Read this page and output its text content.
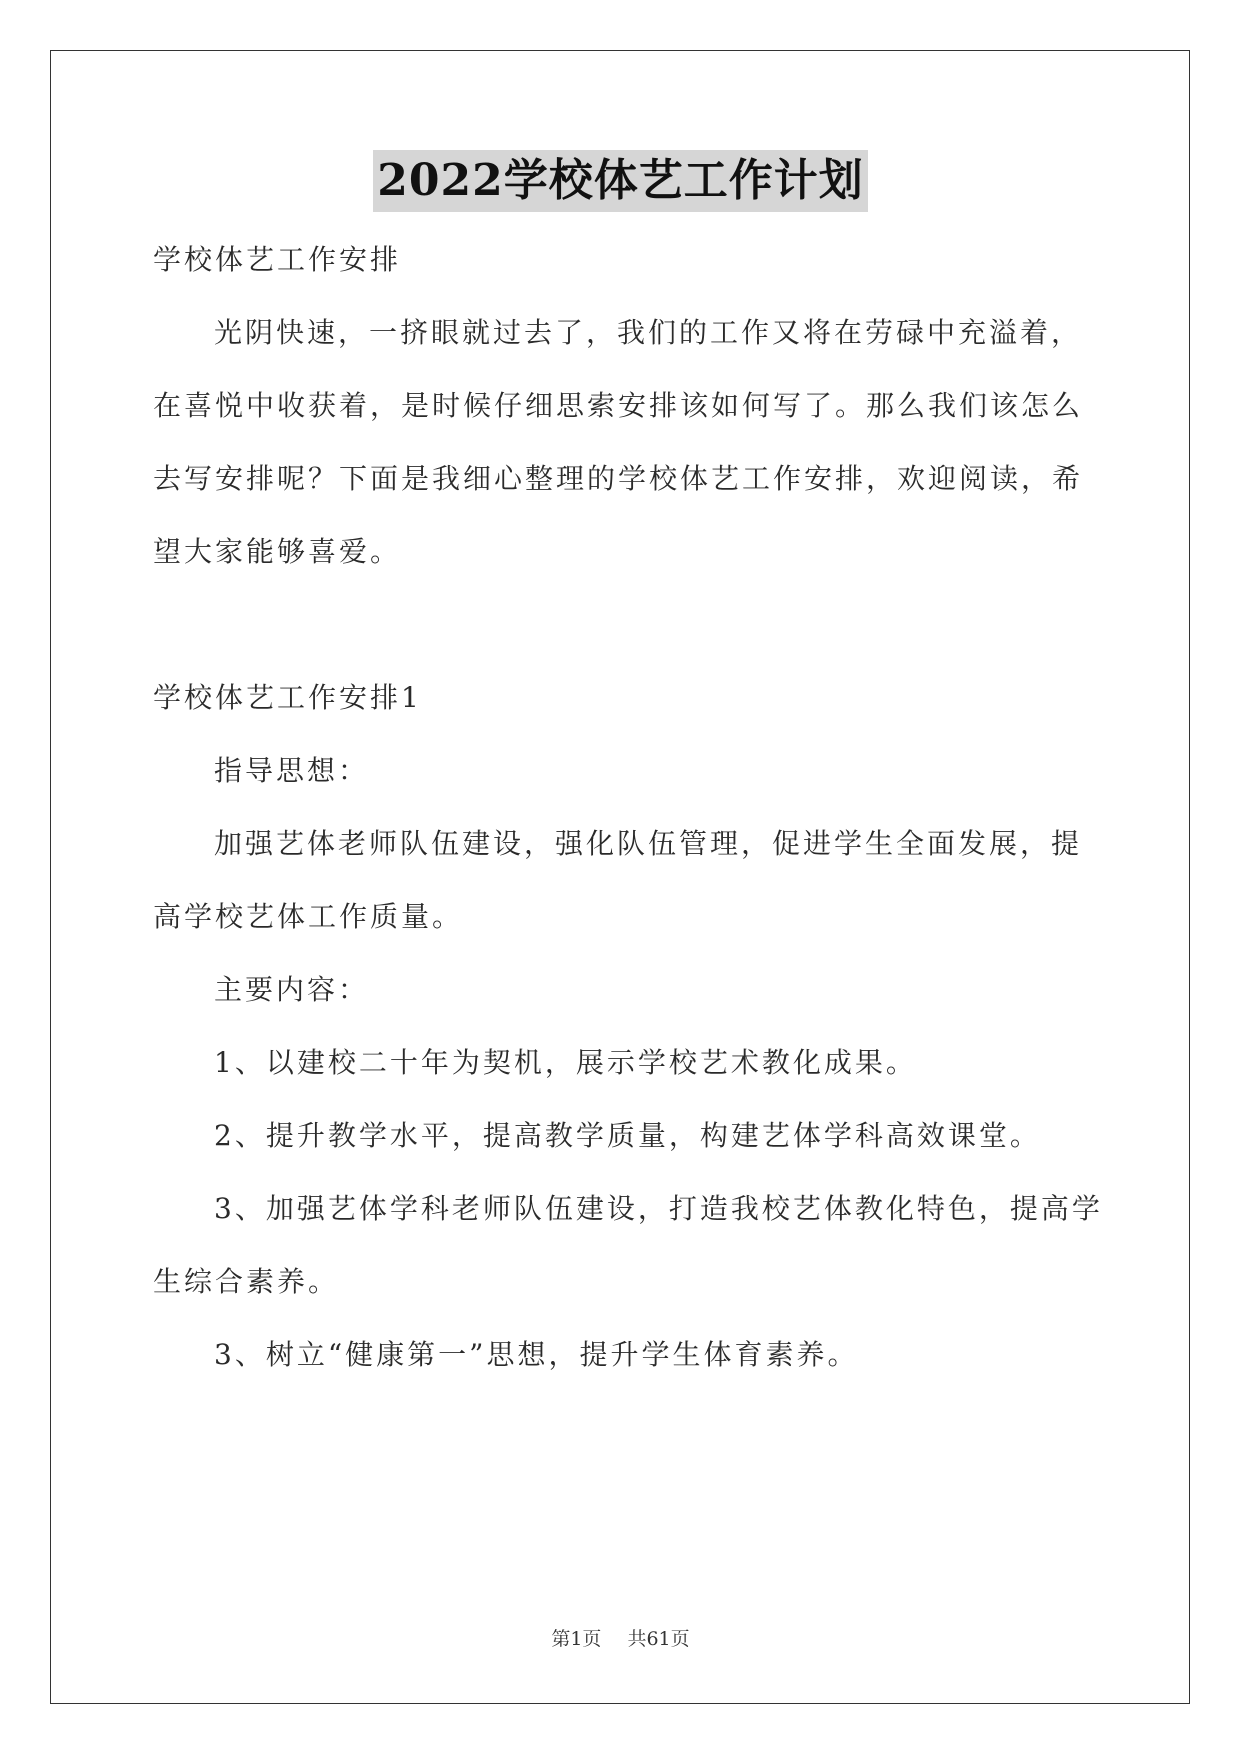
2022学校体艺工作计划
学校体艺工作安排
光阴快速，一挤眼就过去了，我们的工作又将在劳碌中充溢着，
在喜悦中收获着，是时候仔细思索安排该如何写了。那么我们该怎么
去写安排呢？下面是我细心整理的学校体艺工作安排，欢迎阅读，希
望大家能够喜爱。
学校体艺工作安排1
指导思想：
加强艺体老师队伍建设，强化队伍管理，促进学生全面发展，提
高学校艺体工作质量。
主要内容：
1、以建校二十年为契机，展示学校艺术教化成果。
2、提升教学水平，提高教学质量，构建艺体学科高效课堂。
3、加强艺体学科老师队伍建设，打造我校艺体教化特色，提高学
生综合素养。
3、树立“健康第一”思想，提升学生体育素养。
第1页 共61页
